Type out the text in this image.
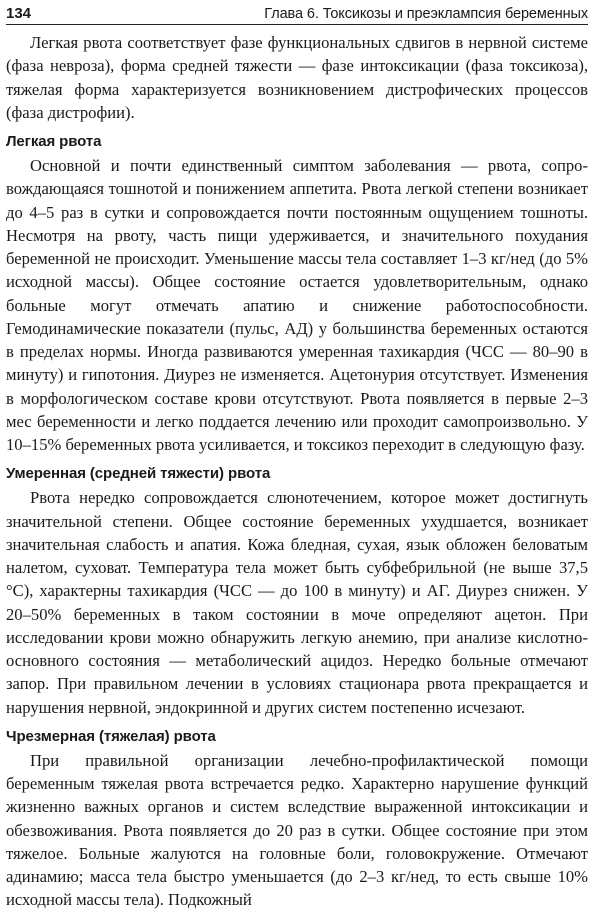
134	Глава 6. Токсикозы и преэклампсия беременных

Легкая рвота соответствует фазе функциональных сдвигов в нервной системе (фаза невроза), форма средней тяжести — фазе интоксикации (фаза токсикоза), тяжелая форма характеризуется возникновением дистрофических процессов (фаза дистрофии).

Легкая рвота

Основной и почти единственный симптом заболевания — рвота, сопровождающаяся тошнотой и понижением аппетита. Рвота легкой степени возникает до 4–5 раз в сутки и сопровождается почти постоянным ощущением тошноты. Несмотря на рвоту, часть пищи удерживается, и значительного похудания беременной не происходит. Уменьшение массы тела составляет 1–3 кг/нед (до 5% исходной массы). Общее состояние остается удовлетворительным, однако больные могут отмечать апатию и снижение работоспособности. Гемодинамические показатели (пульс, АД) у большинства беременных остаются в пределах нормы. Иногда развиваются умеренная тахикардия (ЧСС — 80–90 в минуту) и гипотония. Диурез не изменяется. Ацетонурия отсутствует. Изменения в морфологическом составе крови отсутствуют. Рвота появляется в первые 2–3 мес беременности и легко поддается лечению или проходит самопроизвольно. У 10–15% беременных рвота усиливается, и токсикоз переходит в следующую фазу.

Умеренная (средней тяжести) рвота

Рвота нередко сопровождается слюнотечением, которое может достигнуть значительной степени. Общее состояние беременных ухудшается, возникает значительная слабость и апатия. Кожа бледная, сухая, язык обложен беловатым налетом, суховат. Температура тела может быть субфебрильной (не выше 37,5 °C), характерны тахикардия (ЧСС — до 100 в минуту) и АГ. Диурез снижен. У 20–50% беременных в таком состоянии в моче определяют ацетон. При исследовании крови можно обнаружить легкую анемию, при анализе кислотно-основного состояния — метаболический ацидоз. Нередко больные отмечают запор. При правильном лечении в условиях стационара рвота прекращается и нарушения нервной, эндокринной и других систем постепенно исчезают.

Чрезмерная (тяжелая) рвота

При правильной организации лечебно-профилактической помощи беременным тяжелая рвота встречается редко. Характерно нарушение функций жизненно важных органов и систем вследствие выраженной интоксикации и обезвоживания. Рвота появляется до 20 раз в сутки. Общее состояние при этом тяжелое. Больные жалуются на головные боли, головокружение. Отмечают адинамию; масса тела быстро уменьшается (до 2–3 кг/нед, то есть свыше 10% исходной массы тела). Подкожный
